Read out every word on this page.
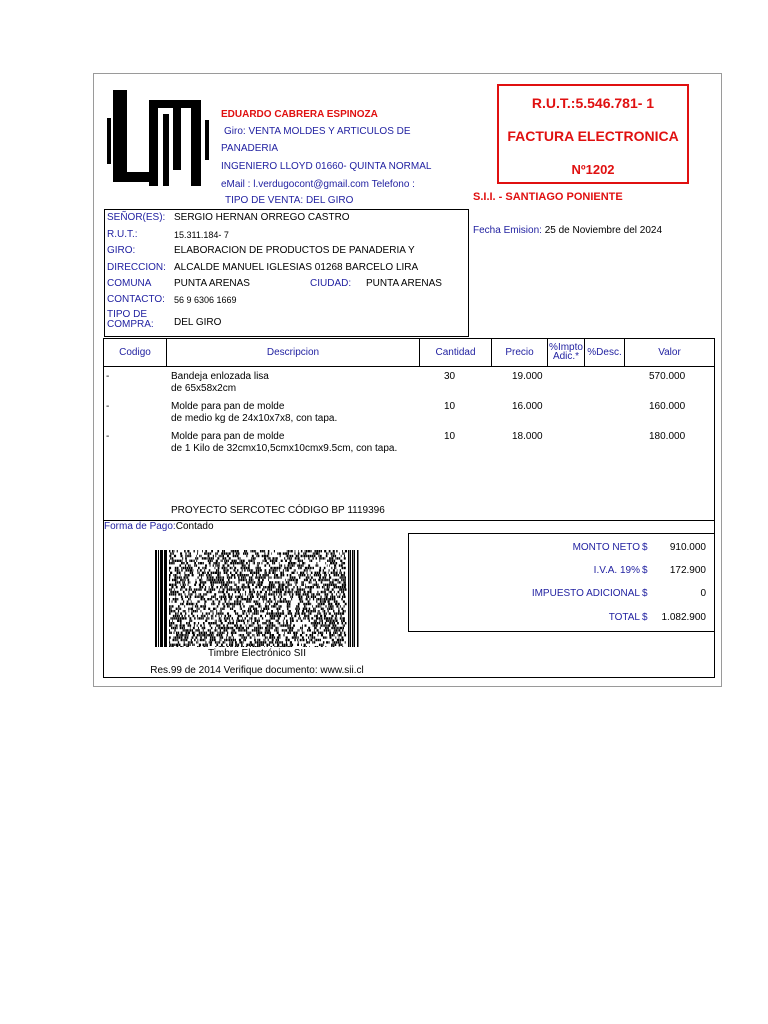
EDUARDO CABRERA ESPINOZA
Giro: VENTA MOLDES Y ARTICULOS DE
PANADERIA
INGENIERO LLOYD 01660- QUINTA NORMAL
eMail : l.verdugocont@gmail.com Telefono :
TIPO DE VENTA: DEL GIRO
R.U.T.:5.546.781- 1
FACTURA ELECTRONICA
Nº1202
S.I.I. - SANTIAGO PONIENTE
Fecha Emision: 25 de Noviembre del 2024
SEÑOR(ES): SERGIO HERNAN ORREGO CASTRO
R.U.T.:	15.311.184- 7
GIRO:	ELABORACION DE PRODUCTOS DE PANADERIA Y
DIRECCION: ALCALDE MANUEL IGLESIAS 01268 BARCELO LIRA
COMUNA PUNTA ARENAS	CIUDAD: PUNTA ARENAS
CONTACTO: 56 9 6306 1669
TIPO DE
COMPRA: DEL GIRO
Codigo	Descripcion	Cantidad	Precio	%Impto
Adic.* %Desc.	Valor
-	Bandeja enlozada lisa
de 65x58x2cm
30	19.000	570.000
-	Molde para pan de molde
de medio kg de 24x10x7x8, con tapa.
10	16.000	160.000
-	Molde para pan de molde
de 1 Kilo de 32cmx10,5cmx10cmx9.5cm, con tapa.
10	18.000	180.000
PROYECTO SERCOTEC CÓDIGO BP 1119396
Forma de Pago:Contado
Timbre Electrónico SII
Res.99 de 2014 Verifique documento: www.sii.cl
MONTO NETO $	910.000
I.V.A. 19% $	172.900
IMPUESTO ADICIONAL $	0
TOTAL $	1.082.900
